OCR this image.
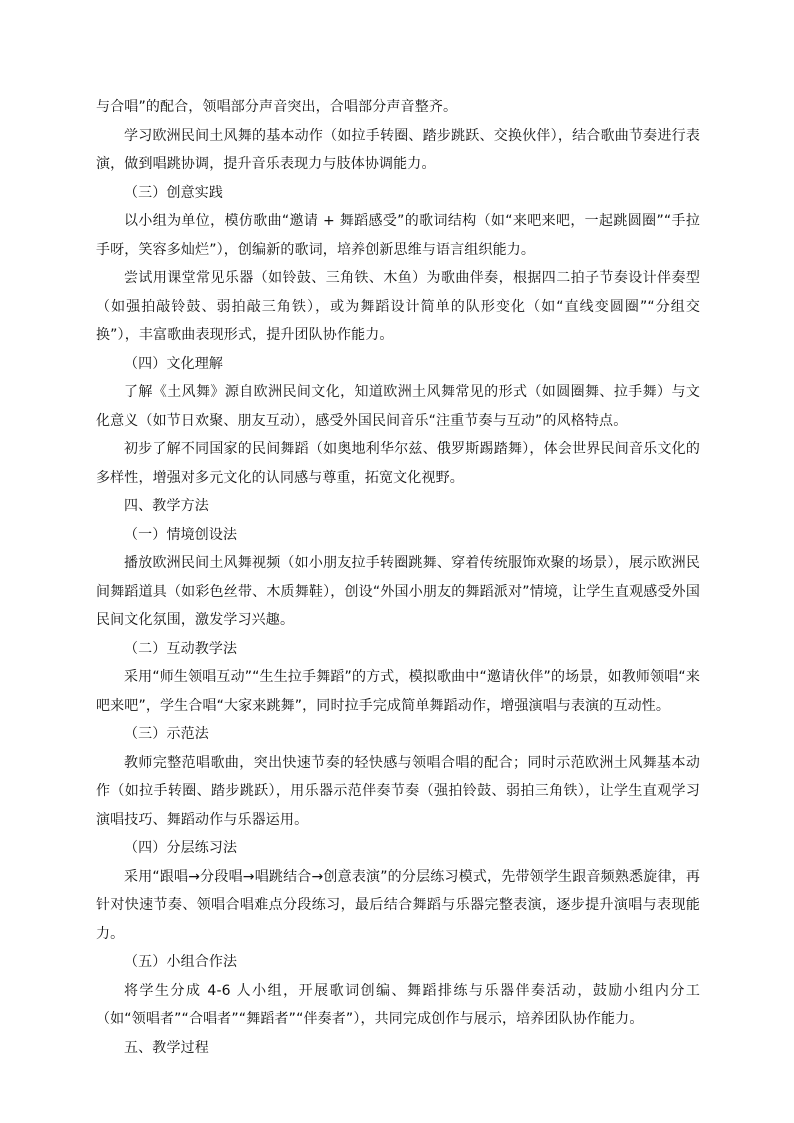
与合唱”的配合，领唱部分声音突出，合唱部分声音整齐。

学习欧洲民间土风舞的基本动作（如拉手转圈、踏步跳跃、交换伙伴），结合歌曲节奏进行表演，做到唱跳协调，提升音乐表现力与肢体协调能力。

（三）创意实践

以小组为单位，模仿歌曲“邀请 + 舞蹈感受”的歌词结构（如“来吧来吧，一起跳圆圈”“手拉手呀，笑容多灿烂”），创编新的歌词，培养创新思维与语言组织能力。

尝试用课堂常见乐器（如铃鼓、三角铁、木鱼）为歌曲伴奏，根据四二拍子节奏设计伴奏型（如强拍敲铃鼓、弱拍敲三角铁），或为舞蹈设计简单的队形变化（如“直线变圆圈”“分组交换”），丰富歌曲表现形式，提升团队协作能力。

（四）文化理解

了解《土风舞》源自欧洲民间文化，知道欧洲土风舞常见的形式（如圆圈舞、拉手舞）与文化意义（如节日欢聚、朋友互动），感受外国民间音乐“注重节奏与互动”的风格特点。

初步了解不同国家的民间舞蹈（如奥地利华尔兹、俄罗斯踢踏舞），体会世界民间音乐文化的多样性，增强对多元文化的认同感与尊重，拓宽文化视野。

四、教学方法

（一）情境创设法

播放欧洲民间土风舞视频（如小朋友拉手转圈跳舞、穿着传统服饰欢聚的场景），展示欧洲民间舞蹈道具（如彩色丝带、木质舞鞋），创设“外国小朋友的舞蹈派对”情境，让学生直观感受外国民间文化氛围，激发学习兴趣。

（二）互动教学法

采用“师生领唱互动”“生生拉手舞蹈”的方式，模拟歌曲中“邀请伙伴”的场景，如教师领唱“来吧来吧”，学生合唱“大家来跳舞”，同时拉手完成简单舞蹈动作，增强演唱与表演的互动性。

（三）示范法

教师完整范唱歌曲，突出快速节奏的轻快感与领唱合唱的配合；同时示范欧洲土风舞基本动作（如拉手转圈、踏步跳跃），用乐器示范伴奏节奏（强拍铃鼓、弱拍三角铁），让学生直观学习演唱技巧、舞蹈动作与乐器运用。

（四）分层练习法

采用“跟唱→分段唱→唱跳结合→创意表演”的分层练习模式，先带领学生跟音频熟悉旋律，再针对快速节奏、领唱合唱难点分段练习，最后结合舞蹈与乐器完整表演，逐步提升演唱与表现能力。

（五）小组合作法

将学生分成 4-6 人小组，开展歌词创编、舞蹈排练与乐器伴奏活动，鼓励小组内分工（如“领唱者”“合唱者”“舞蹈者”“伴奏者”），共同完成创作与展示，培养团队协作能力。

五、教学过程
